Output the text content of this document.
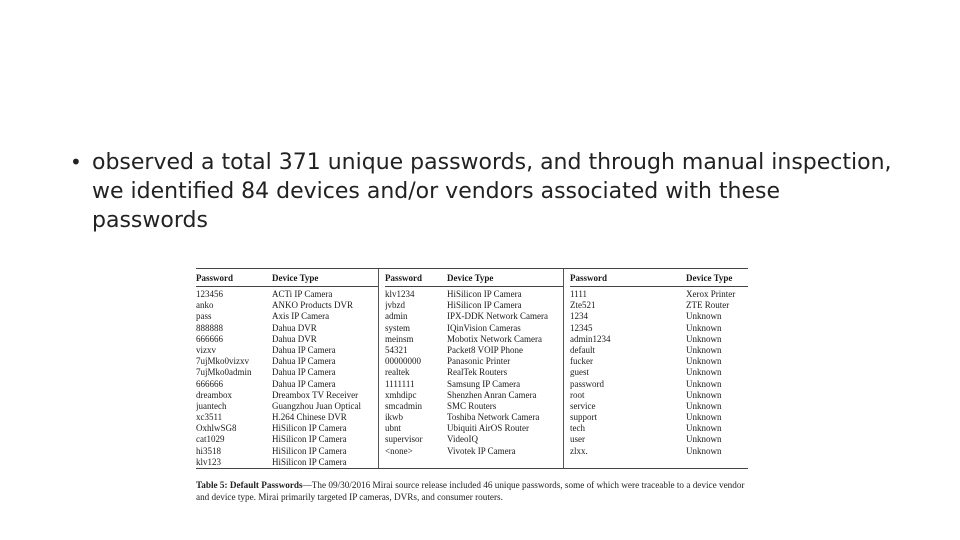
• observed a total 371 unique passwords, and through manual inspection, we identified 84 devices and/or vendors associated with these passwords
Password	Device Type
123456	ACTi IP Camera
anko	ANKO Products DVR
pass	Axis IP Camera
888888	Dahua DVR
666666	Dahua DVR
vizxv	Dahua IP Camera
7ujMko0vizxv	Dahua IP Camera
7ujMko0admin	Dahua IP Camera
666666	Dahua IP Camera
dreambox	Dreambox TV Receiver
juantech	Guangzhou Juan Optical
xc3511	H.264 Chinese DVR
OxhlwSG8	HiSilicon IP Camera
cat1029	HiSilicon IP Camera
hi3518	HiSilicon IP Camera
klv123	HiSilicon IP Camera
Password	Device Type
klv1234	HiSilicon IP Camera
jvbzd	HiSilicon IP Camera
admin	IPX-DDK Network Camera
system	IQinVision Cameras
meinsm	Mobotix Network Camera
54321	Packet8 VOIP Phone
00000000	Panasonic Printer
realtek	RealTek Routers
1111111	Samsung IP Camera
xmhdipc	Shenzhen Anran Camera
smcadmin	SMC Routers
ikwb	Toshiba Network Camera
ubnt	Ubiquiti AirOS Router
supervisor	VideoIQ
<none>	Vivotek IP Camera
Password	Device Type
1111	Xerox Printer
Zte521	ZTE Router
1234	Unknown
12345	Unknown
admin1234	Unknown
default	Unknown
fucker	Unknown
guest	Unknown
password	Unknown
root	Unknown
service	Unknown
support	Unknown
tech	Unknown
user	Unknown
zlxx.	Unknown
Table 5: Default Passwords—The 09/30/2016 Mirai source release included 46 unique passwords, some of which were traceable to a device vendor and device type. Mirai primarily targeted IP cameras, DVRs, and consumer routers.
